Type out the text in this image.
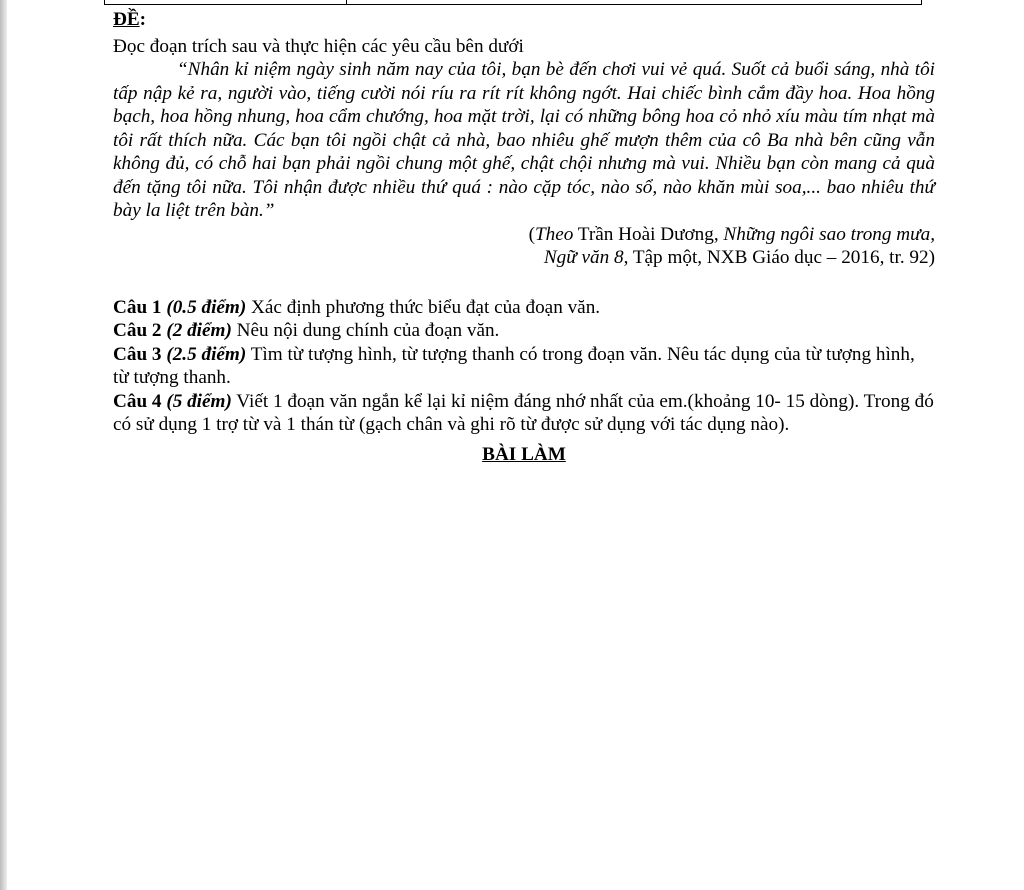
ĐỀ:

Đọc đoạn trích sau và thực hiện các yêu cầu bên dưới

“Nhân kỉ niệm ngày sinh năm nay của tôi, bạn bè đến chơi vui vẻ quá. Suốt cả buổi sáng, nhà tôi tấp nập kẻ ra, người vào, tiếng cười nói ríu ra rít rít không ngớt. Hai chiếc bình cắm đầy hoa. Hoa hồng bạch, hoa hồng nhung, hoa cẩm chướng, hoa mặt trời, lại có những bông hoa cỏ nhỏ xíu màu tím nhạt mà tôi rất thích nữa. Các bạn tôi ngồi chật cả nhà, bao nhiêu ghế mượn thêm của cô Ba nhà bên cũng vẫn không đủ, có chỗ hai bạn phải ngồi chung một ghế, chật chội nhưng mà vui. Nhiều bạn còn mang cả quà đến tặng tôi nữa. Tôi nhận được nhiều thứ quá : nào cặp tóc, nào sổ, nào khăn mùi soa,... bao nhiêu thứ bày la liệt trên bàn.”

(Theo Trần Hoài Dương, Những ngôi sao trong mưa,
Ngữ văn 8, Tập một, NXB Giáo dục – 2016, tr. 92)

Câu 1 (0.5 điểm) Xác định phương thức biểu đạt của đoạn văn.

Câu 2 (2 điểm) Nêu nội dung chính của đoạn văn.

Câu 3 (2.5 điểm) Tìm từ tượng hình, từ tượng thanh có trong đoạn văn. Nêu tác dụng của từ tượng hình, từ tượng thanh.

Câu 4 (5 điểm) Viết 1 đoạn văn ngắn kể lại kỉ niệm đáng nhớ nhất của em.(khoảng 10- 15 dòng). Trong đó có sử dụng 1 trợ từ và 1 thán từ (gạch chân và ghi rõ từ được sử dụng với tác dụng nào).

BÀI LÀM
